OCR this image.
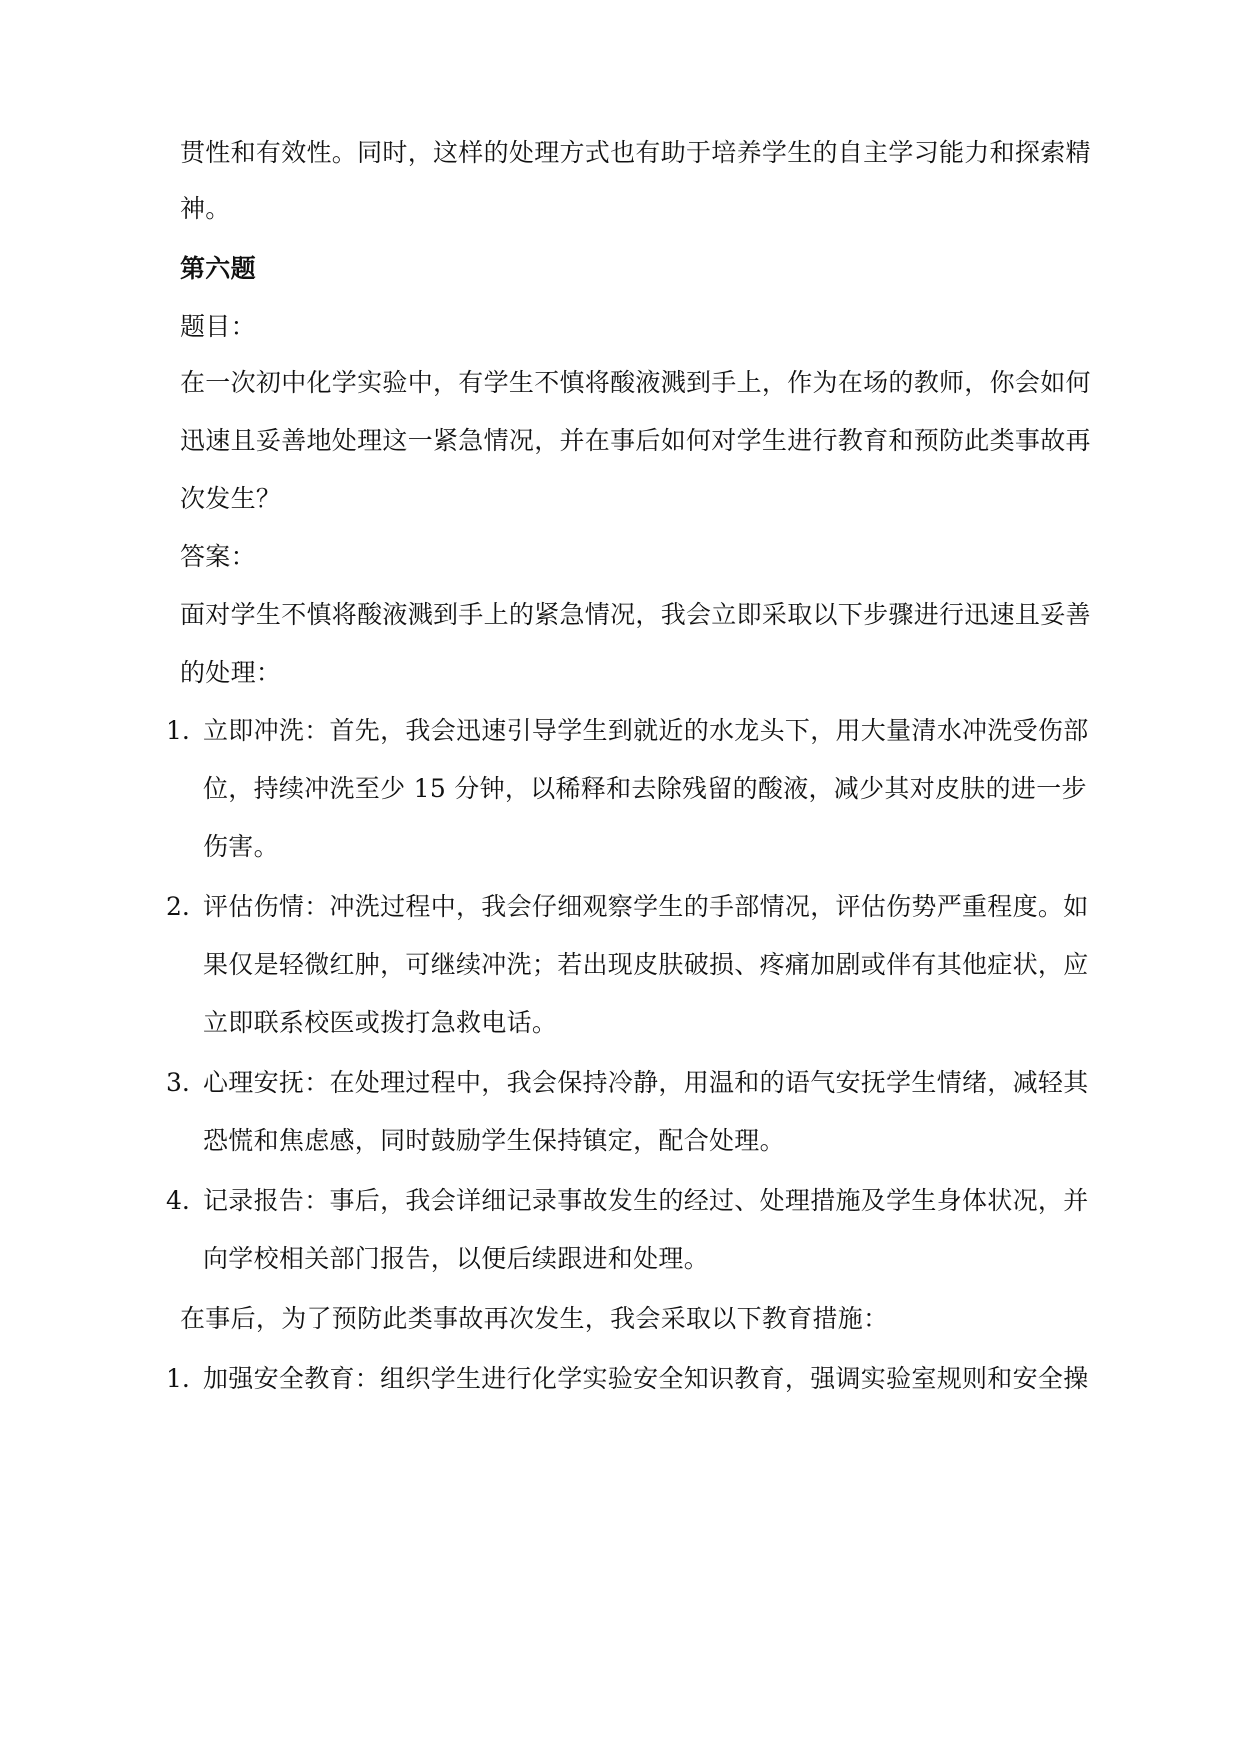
贯性和有效性。同时，这样的处理方式也有助于培养学生的自主学习能力和探索精
神。
第六题
题目：
在一次初中化学实验中，有学生不慎将酸液溅到手上，作为在场的教师，你会如何
迅速且妥善地处理这一紧急情况，并在事后如何对学生进行教育和预防此类事故再
次发生？
答案：
面对学生不慎将酸液溅到手上的紧急情况，我会立即采取以下步骤进行迅速且妥善
的处理：
1. 立即冲洗：首先，我会迅速引导学生到就近的水龙头下，用大量清水冲洗受伤部
位，持续冲洗至少 15 分钟，以稀释和去除残留的酸液，减少其对皮肤的进一步
伤害。
2. 评估伤情：冲洗过程中，我会仔细观察学生的手部情况，评估伤势严重程度。如
果仅是轻微红肿，可继续冲洗；若出现皮肤破损、疼痛加剧或伴有其他症状，应
立即联系校医或拨打急救电话。
3. 心理安抚：在处理过程中，我会保持冷静，用温和的语气安抚学生情绪，减轻其
恐慌和焦虑感，同时鼓励学生保持镇定，配合处理。
4. 记录报告：事后，我会详细记录事故发生的经过、处理措施及学生身体状况，并
向学校相关部门报告，以便后续跟进和处理。
在事后，为了预防此类事故再次发生，我会采取以下教育措施：
1. 加强安全教育：组织学生进行化学实验安全知识教育，强调实验室规则和安全操
